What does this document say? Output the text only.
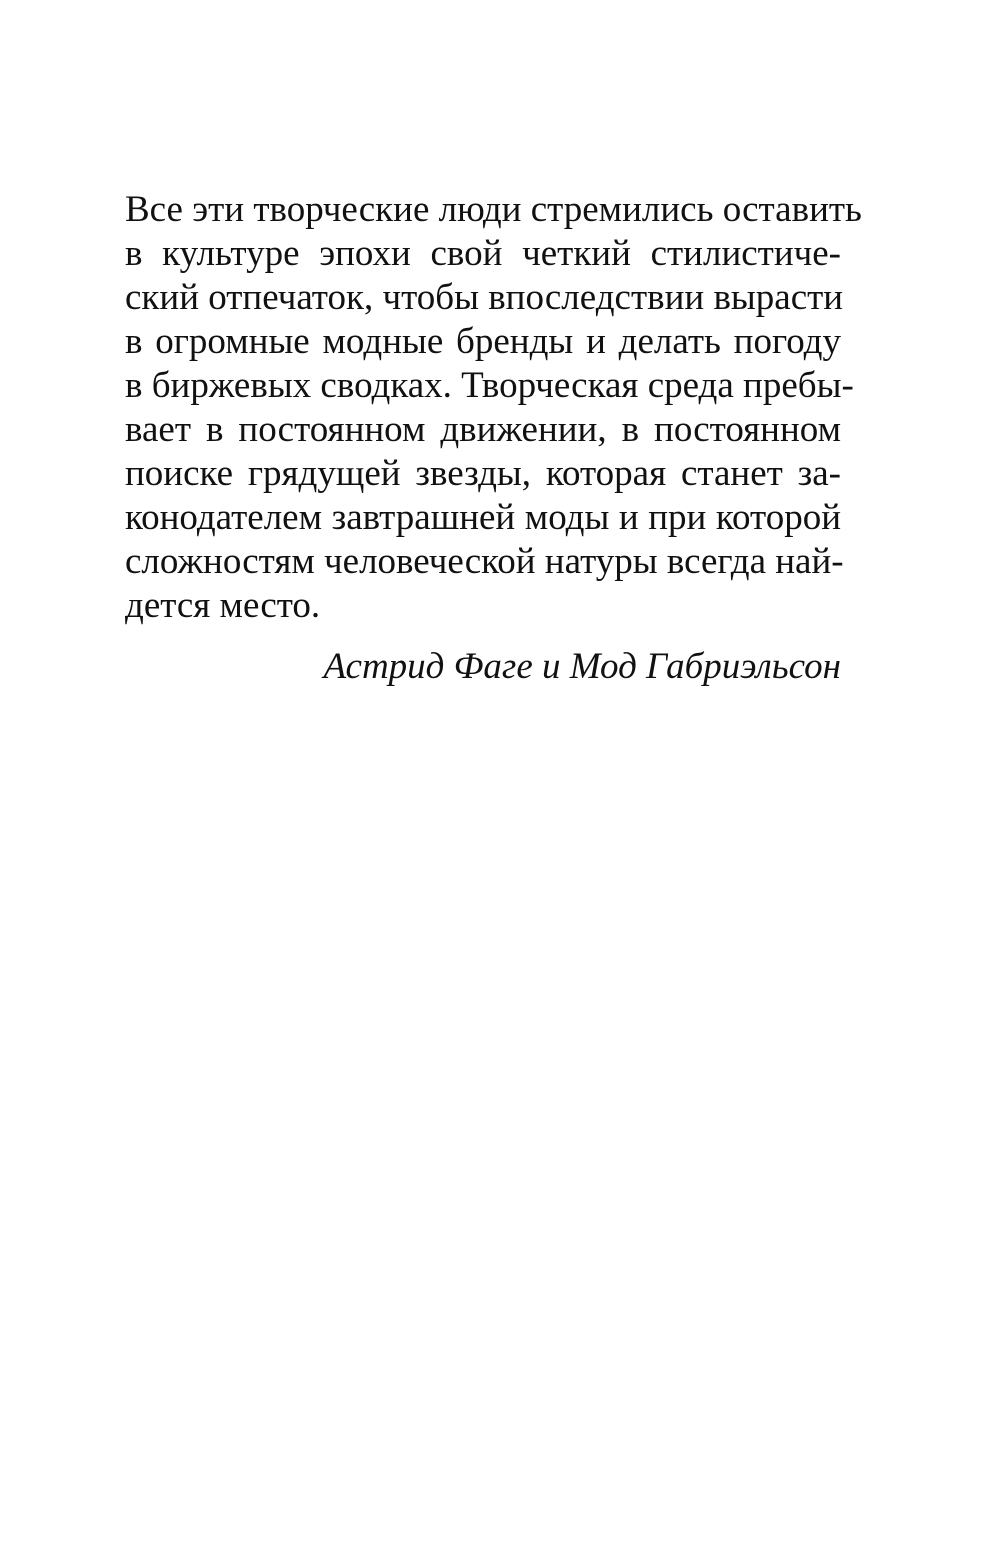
Все эти творческие люди стремились оставить
в культуре эпохи свой четкий стилистиче-
ский отпечаток, чтобы впоследствии вырасти
в огромные модные бренды и делать погоду
в биржевых сводках. Творческая среда пребы-
вает в постоянном движении, в постоянном
поиске грядущей звезды, которая станет за-
конодателем завтрашней моды и при которой
сложностям человеческой натуры всегда най-
дется место.
Астрид Фаге и Мод Габриэльсон
